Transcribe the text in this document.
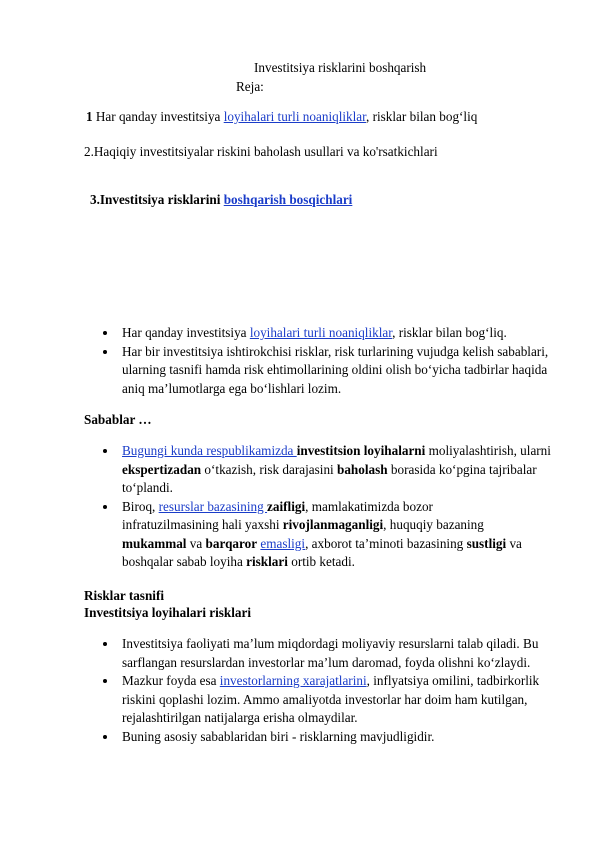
Investitsiya risklarini boshqarish
Reja:
1 Har qanday investitsiya loyihalari turli noaniqliklar, risklar bilan bog‘liq
2.Haqiqiy investitsiyalar riskini baholash usullari va ko'rsatkichlari
3.Investitsiya risklarini boshqarish bosqichlari
Har qanday investitsiya loyihalari turli noaniqliklar, risklar bilan bog‘liq.
Har bir investitsiya ishtirokchisi risklar, risk turlarining vujudga kelish sabablari, ularning tasnifi hamda risk ehtimollarining oldini olish bo‘yicha tadbirlar haqida aniq ma’lumotlarga ega bo‘lishlari lozim.
Sabablar …
Bugungi kunda respublikamizda investitsion loyihalarni moliyalashtirish, ularni ekspertizadan o‘tkazish, risk darajasini baholash borasida ko‘pgina tajribalar to‘plandi.
Biroq, resurslar bazasining zaifligi, mamlakatimizda bozor infratuzilmasining hali yaxshi rivojlanmaganligi, huquqiy bazaning mukammal va barqaror emasligi, axborot ta’minoti bazasining sustligi va boshqalar sabab loyiha risklari ortib ketadi.
Risklar tasnifi
Investitsiya loyihalari risklari
Investitsiya faoliyati ma’lum miqdordagi moliyaviy resurslarni talab qiladi. Bu sarflangan resurslardan investorlar ma’lum daromad, foyda olishni ko‘zlaydi.
Mazkur foyda esa investorlarning xarajatlarini, inflyatsiya omilini, tadbirkorlik riskini qoplashi lozim. Ammo amaliyotda investorlar har doim ham kutilgan, rejalashtirilgan natijalarga erisha olmaydilar.
Buning asosiy sabablaridan biri - risklarning mavjudligidir.
